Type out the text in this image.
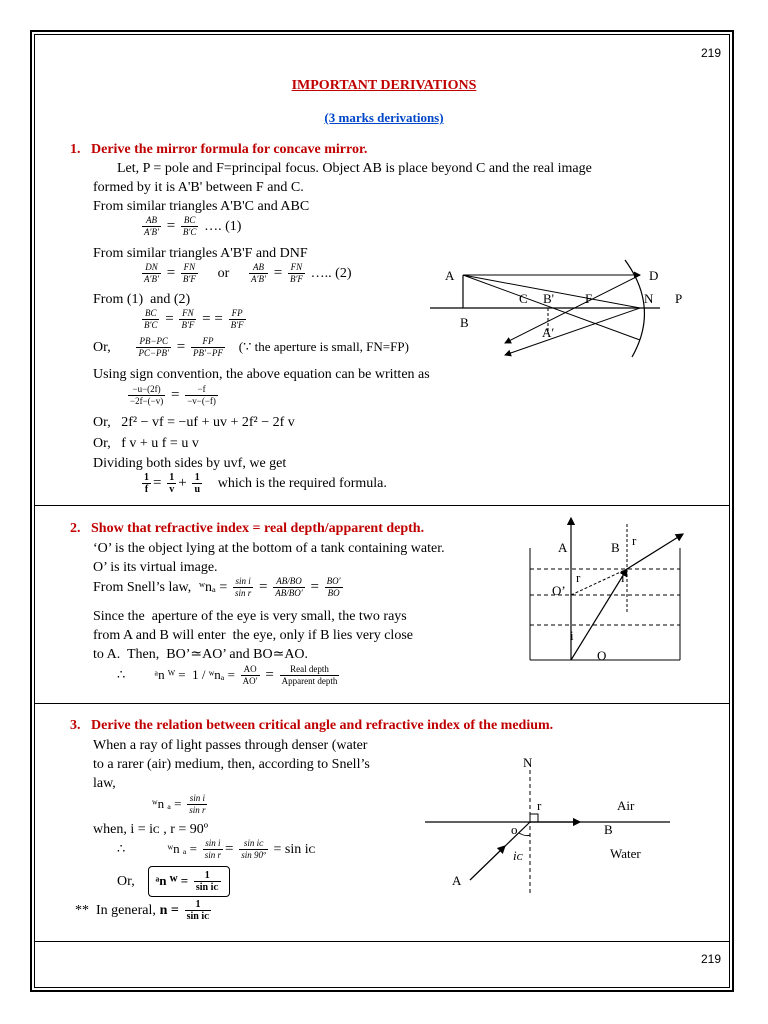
219
IMPORTANT DERIVATIONS
(3 marks derivations)
1.   Derive the mirror formula for concave mirror.
Let, P = pole and F=principal focus. Object AB is place beyond C and the real image
formed by it is A'B' between F and C.
From similar triangles A'B'C and ABC
$\frac{AB}{A'B'} = \frac{BC}{B'C}$ …. (1)
From similar triangles A'B'F and DNF
$\frac{DN}{A'B'} = \frac{FN}{B'F}$ or $\frac{AB}{A'B'} = \frac{FN}{B'F}$ ….. (2)
From (1)  and (2)
$\frac{BC}{B'C} = \frac{FN}{B'F}$ = = $\frac{FP}{B'F}$
Or,	$\frac{PB-PC}{PC-PB'} = \frac{FP}{PB'-PF}$ (∵ the aperture is small, FN=FP)
Using sign convention, the above equation can be written as
$\frac{-u-(2f)}{-2f-(-v)} = \frac{-f}{-v-(-f)}$
Or,   2f² − vf = −uf + uv + 2f² − 2f v
Or,   f v + u f = u v
Dividing both sides by uvf, we get
$\frac{1}{f} = \frac{1}{v} + \frac{1}{u}$ which is the required formula.
A	D
C B' F	N P
B
A′
2.   Show that refractive index = real depth/apparent depth.
‘O’ is the object lying at the bottom of a tank containing water.
O’ is its virtual image.
From Snell’s law, ʷnₐ = $\frac{\text{sin i}}{\text{sin r}} = \frac{AB/BO}{AB/BO'} = \frac{BO'}{BO}$
Since the  aperture of the eye is very small, the two rays
from A and B will enter  the eye, only if B lies very close
to A.  Then,  BO’≃AO’ and BO≃AO.
∴         ᵃn ᵂ =  1 / ʷnₐ = $\frac{AO}{AO'} = \frac{\text{Real depth}}{\text{Apparent depth}}$
A	B r
O’
r	i
i
O
3.   Derive the relation between critical angle and refractive index of the medium.
When a ray of light passes through denser (water
to a rarer (air) medium, then, according to Snell’s
law,
ʷn $_a = \frac{\text{sin i}}{\text{sin r}}$
when, i = iᴄ , r = 90º
∴             ʷn $_a = \frac{\text{sin i}}{\text{sin r}} = \frac{\text{sin iᴄ}}{\text{sin 90º}} = \sin$ iᴄ
Or, ᵃn ᵂ = $\frac{1}{\text{sin iᴄ}}$
**  In general, $n = \frac{1}{\text{sin iᴄ}}$
N
r	Air
o	B
iᴄ	Water
A
219
